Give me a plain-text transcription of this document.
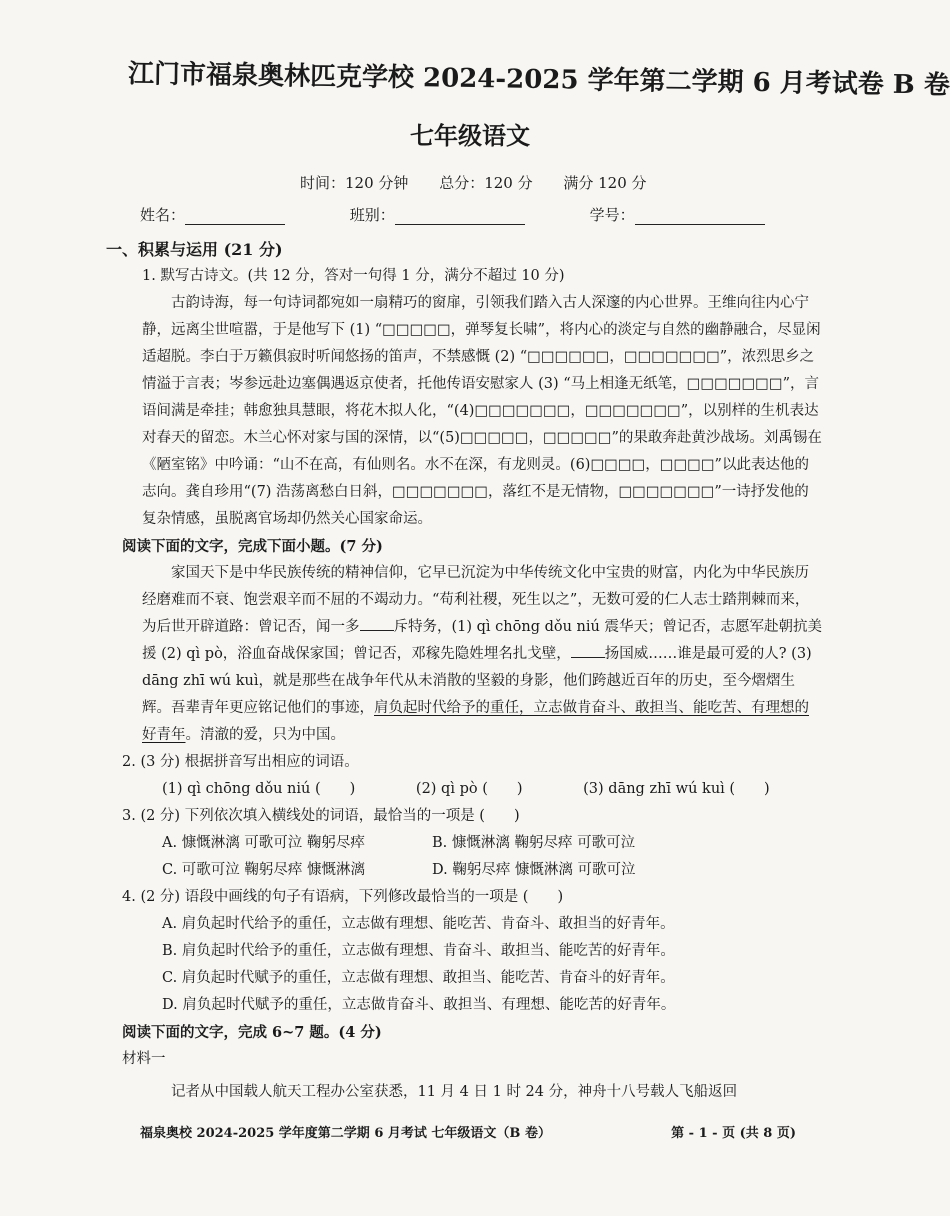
江门市福泉奥林匹克学校 2024-2025 学年第二学期 6 月考试卷 B 卷
七年级语文
时间：120 分钟 总分：120 分 满分 120 分
姓名：	班别：	学号：
一、积累与运用 (21 分)
1. 默写古诗文。(共 12 分，答对一句得 1 分，满分不超过 10 分)
古韵诗海，每一句诗词都宛如一扇精巧的窗扉，引领我们踏入古人深邃的内心世界。王维向往内心宁静，远离尘世喧嚣，于是他写下 (1) “□□□□□，弹琴复长啸”，将内心的淡定与自然的幽静融合，尽显闲适超脱。李白于万籁俱寂时听闻悠扬的笛声，不禁感慨 (2) “□□□□□□，□□□□□□□”，浓烈思乡之情溢于言表；岑参远赴边塞偶遇返京使者，托他传语安慰家人 (3) “马上相逢无纸笔，□□□□□□□”，言语间满是牵挂；韩愈独具慧眼，将花木拟人化，“(4)□□□□□□□，□□□□□□□”，以别样的生机表达对春天的留恋。木兰心怀对家与国的深情，以“(5)□□□□□，□□□□□”的果敢奔赴黄沙战场。刘禹锡在《陋室铭》中吟诵：“山不在高，有仙则名。水不在深，有龙则灵。(6)□□□□，□□□□”以此表达他的志向。龚自珍用“(7) 浩荡离愁白日斜，□□□□□□□，落红不是无情物，□□□□□□□”一诗抒发他的复杂情感，虽脱离官场却仍然关心国家命运。
阅读下面的文字，完成下面小题。(7 分)
家国天下是中华民族传统的精神信仰，它早已沉淀为中华传统文化中宝贵的财富，内化为中华民族历经磨难而不衰、饱尝艰辛而不屈的不竭动力。“苟利社稷，死生以之”，无数可爱的仁人志士踏荆棘而来，为后世开辟道路：曾记否，闻一多 斥特务，(1) qì chōng dǒu niú 震华天；曾记否，志愿军赴朝抗美援 (2) qì pò，浴血奋战保家国；曾记否，邓稼先隐姓埋名扎戈壁， 扬国威……谁是最可爱的人? (3) dāng zhī wú kuì，就是那些在战争年代从未消散的坚毅的身影，他们跨越近百年的历史，至今熠熠生辉。吾辈青年更应铭记他们的事迹，肩负起时代给予的重任，立志做肯奋斗、敢担当、能吃苦、有理想的好青年。清澈的爱，只为中国。
2. (3 分) 根据拼音写出相应的词语。
(1) qì chōng dǒu niú (　　)	(2) qì pò (　　)	(3) dāng zhī wú kuì (　　)
3. (2 分) 下列依次填入横线处的词语，最恰当的一项是 (　　)
A. 慷慨淋漓 可歌可泣 鞠躬尽瘁	B. 慷慨淋漓 鞠躬尽瘁 可歌可泣
C. 可歌可泣 鞠躬尽瘁 慷慨淋漓	D. 鞠躬尽瘁 慷慨淋漓 可歌可泣
4. (2 分) 语段中画线的句子有语病，下列修改最恰当的一项是 (　　)
A. 肩负起时代给予的重任，立志做有理想、能吃苦、肯奋斗、敢担当的好青年。
B. 肩负起时代给予的重任，立志做有理想、肯奋斗、敢担当、能吃苦的好青年。
C. 肩负起时代赋予的重任，立志做有理想、敢担当、能吃苦、肯奋斗的好青年。
D. 肩负起时代赋予的重任，立志做肯奋斗、敢担当、有理想、能吃苦的好青年。
阅读下面的文字，完成 6~7 题。(4 分)
材料一
记者从中国载人航天工程办公室获悉，11 月 4 日 1 时 24 分，神舟十八号载人飞船返回
福泉奥校 2024-2025 学年度第二学期 6 月考试 七年级语文（B 卷）	第 - 1 - 页 (共 8 页)
